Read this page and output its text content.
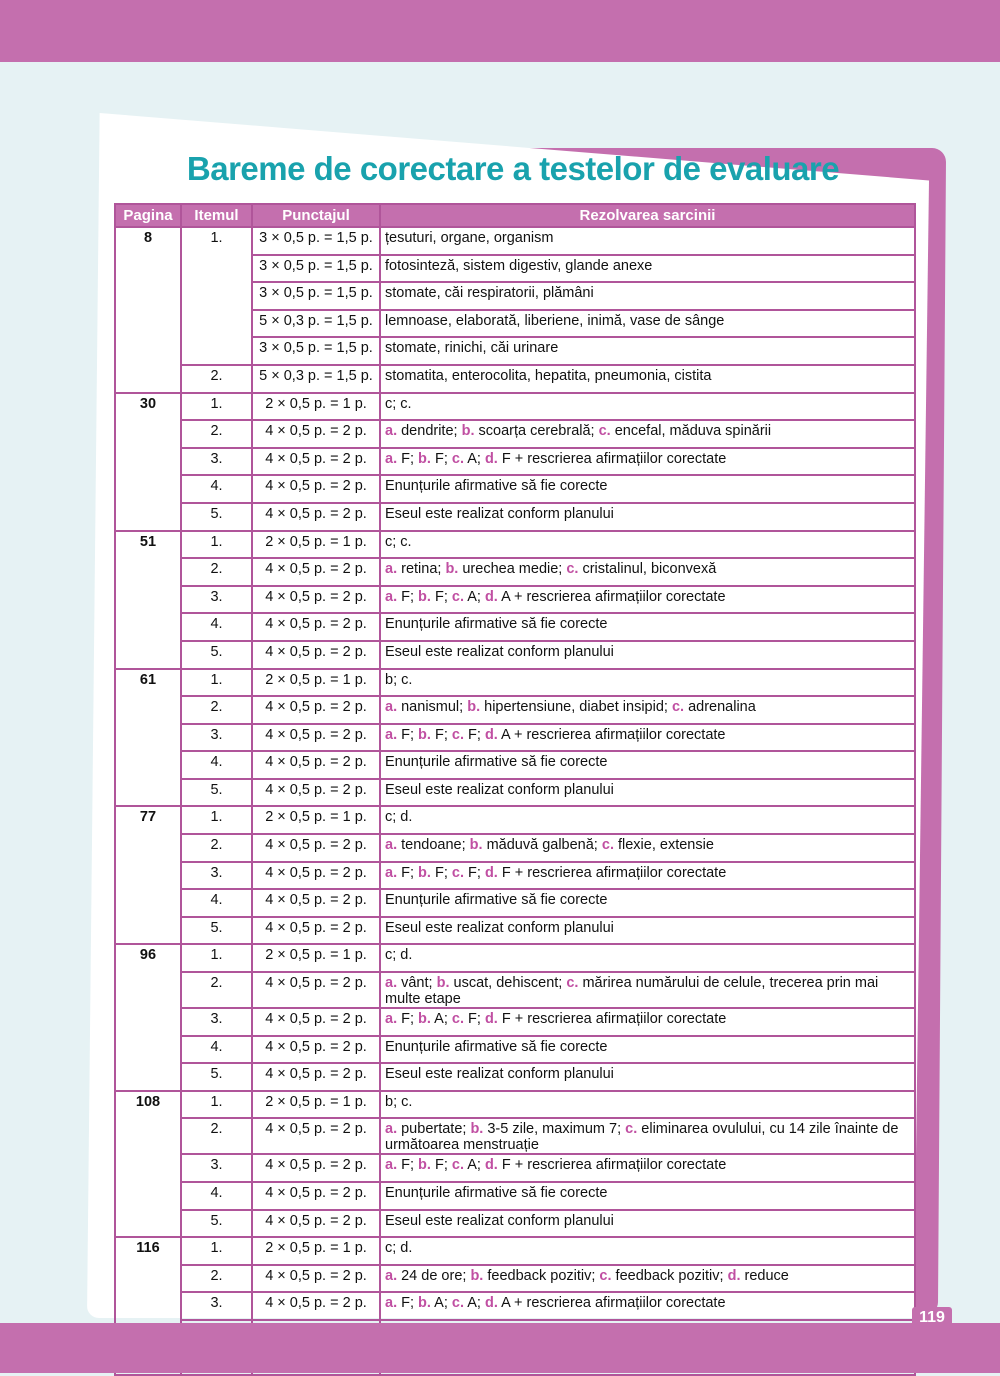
Bareme de corectare a testelor de evaluare
Pagina	Itemul	Punctajul	Rezolvarea sarcinii
8	1.	3 × 0,5 p. = 1,5 p.	țesuturi, organe, organism
		3 × 0,5 p. = 1,5 p.	fotosinteză, sistem digestiv, glande anexe
		3 × 0,5 p. = 1,5 p.	stomate, căi respiratorii, plămâni
		5 × 0,3 p. = 1,5 p.	lemnoase, elaborată, liberiene, inimă, vase de sânge
		3 × 0,5 p. = 1,5 p.	stomate, rinichi, căi urinare
	2.	5 × 0,3 p. = 1,5 p.	stomatita, enterocolita, hepatita, pneumonia, cistita
30	1.	2 × 0,5 p. = 1 p.	c; c.
	2.	4 × 0,5 p. = 2 p.	a. dendrite; b. scoarța cerebrală; c. encefal, măduva spinării
	3.	4 × 0,5 p. = 2 p.	a. F; b. F; c. A; d. F + rescrierea afirmațiilor corectate
	4.	4 × 0,5 p. = 2 p.	Enunțurile afirmative să fie corecte
	5.	4 × 0,5 p. = 2 p.	Eseul este realizat conform planului
51	1.	2 × 0,5 p. = 1 p.	c; c.
	2.	4 × 0,5 p. = 2 p.	a. retina; b. urechea medie; c. cristalinul, biconvexă
	3.	4 × 0,5 p. = 2 p.	a. F; b. F; c. A; d. A + rescrierea afirmațiilor corectate
	4.	4 × 0,5 p. = 2 p.	Enunțurile afirmative să fie corecte
	5.	4 × 0,5 p. = 2 p.	Eseul este realizat conform planului
61	1.	2 × 0,5 p. = 1 p.	b; c.
	2.	4 × 0,5 p. = 2 p.	a. nanismul; b. hipertensiune, diabet insipid; c. adrenalina
	3.	4 × 0,5 p. = 2 p.	a. F; b. F; c. F; d. A + rescrierea afirmațiilor corectate
	4.	4 × 0,5 p. = 2 p.	Enunțurile afirmative să fie corecte
	5.	4 × 0,5 p. = 2 p.	Eseul este realizat conform planului
77	1.	2 × 0,5 p. = 1 p.	c; d.
	2.	4 × 0,5 p. = 2 p.	a. tendoane; b. măduvă galbenă; c. flexie, extensie
	3.	4 × 0,5 p. = 2 p.	a. F; b. F; c. F; d. F + rescrierea afirmațiilor corectate
	4.	4 × 0,5 p. = 2 p.	Enunțurile afirmative să fie corecte
	5.	4 × 0,5 p. = 2 p.	Eseul este realizat conform planului
96	1.	2 × 0,5 p. = 1 p.	c; d.
	2.	4 × 0,5 p. = 2 p.	a. vânt; b. uscat, dehiscent; c. mărirea numărului de celule, trecerea prin mai multe etape
	3.	4 × 0,5 p. = 2 p.	a. F; b. A; c. F; d. F + rescrierea afirmațiilor corectate
	4.	4 × 0,5 p. = 2 p.	Enunțurile afirmative să fie corecte
	5.	4 × 0,5 p. = 2 p.	Eseul este realizat conform planului
108	1.	2 × 0,5 p. = 1 p.	b; c.
	2.	4 × 0,5 p. = 2 p.	a. pubertate; b. 3-5 zile, maximum 7; c. eliminarea ovulului, cu 14 zile înainte de următoarea menstruație
	3.	4 × 0,5 p. = 2 p.	a. F; b. F; c. A; d. F + rescrierea afirmațiilor corectate
	4.	4 × 0,5 p. = 2 p.	Enunțurile afirmative să fie corecte
	5.	4 × 0,5 p. = 2 p.	Eseul este realizat conform planului
116	1.	2 × 0,5 p. = 1 p.	c; d.
	2.	4 × 0,5 p. = 2 p.	a. 24 de ore; b. feedback pozitiv; c. feedback pozitiv; d. reduce
	3.	4 × 0,5 p. = 2 p.	a. F; b. A; c. A; d. A + rescrierea afirmațiilor corectate

119
